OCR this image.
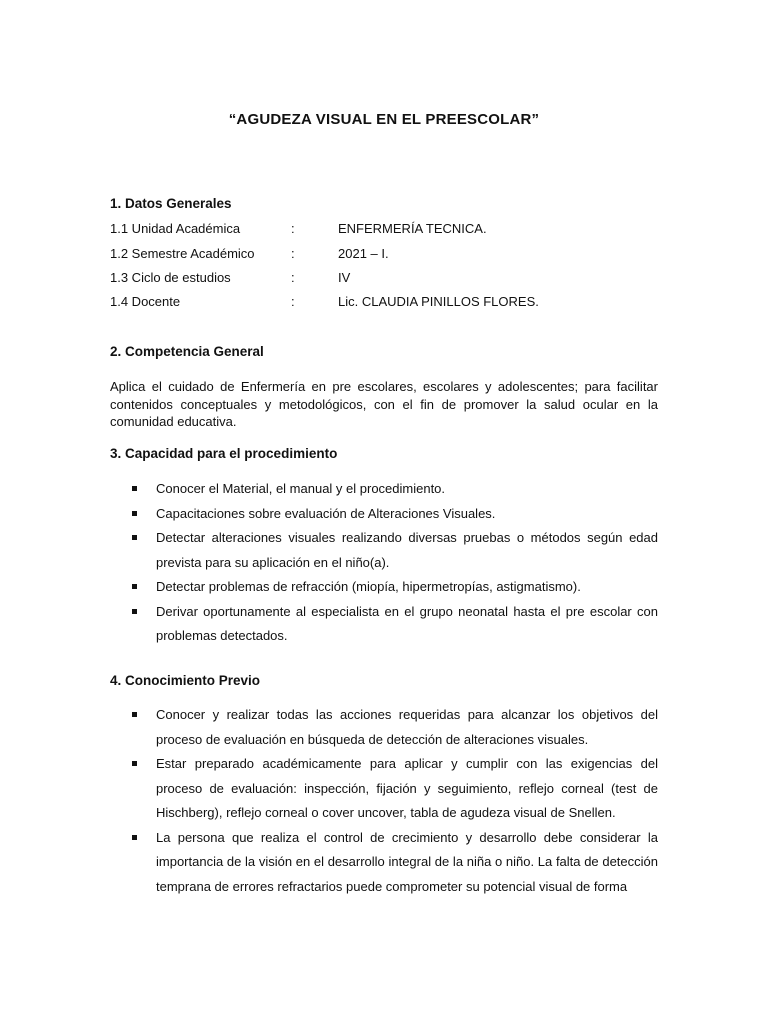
“AGUDEZA VISUAL EN EL PREESCOLAR”
1. Datos Generales
1.1 Unidad Académica	:	ENFERMERÍA TECNICA.
1.2 Semestre Académico	:	2021 – I.
1.3 Ciclo de estudios	:	IV
1.4 Docente	:	Lic. CLAUDIA PINILLOS FLORES.
2. Competencia General

Aplica el cuidado de Enfermería en pre escolares, escolares y adolescentes; para facilitar contenidos conceptuales y metodológicos, con el fin de promover la salud ocular en la comunidad educativa.

3. Capacidad para el procedimiento
Conocer el Material, el manual y el procedimiento.
Capacitaciones sobre evaluación de Alteraciones Visuales.
Detectar alteraciones visuales realizando diversas pruebas o métodos según edad prevista para su aplicación en el niño(a).
Detectar problemas de refracción (miopía, hipermetropías, astigmatismo).
Derivar oportunamente al especialista en el grupo neonatal hasta el pre escolar con problemas detectados.
4. Conocimiento Previo
Conocer y realizar todas las acciones requeridas para alcanzar los objetivos del proceso de evaluación en búsqueda de detección de alteraciones visuales.
Estar preparado académicamente para aplicar y cumplir con las exigencias del proceso de evaluación: inspección, fijación y seguimiento, reflejo corneal (test de Hischberg), reflejo corneal o cover uncover, tabla de agudeza visual de Snellen.
La persona que realiza el control de crecimiento y desarrollo debe considerar la importancia de la visión en el desarrollo integral de la niña o niño. La falta de detección temprana de errores refractarios puede comprometer su potencial visual de forma
